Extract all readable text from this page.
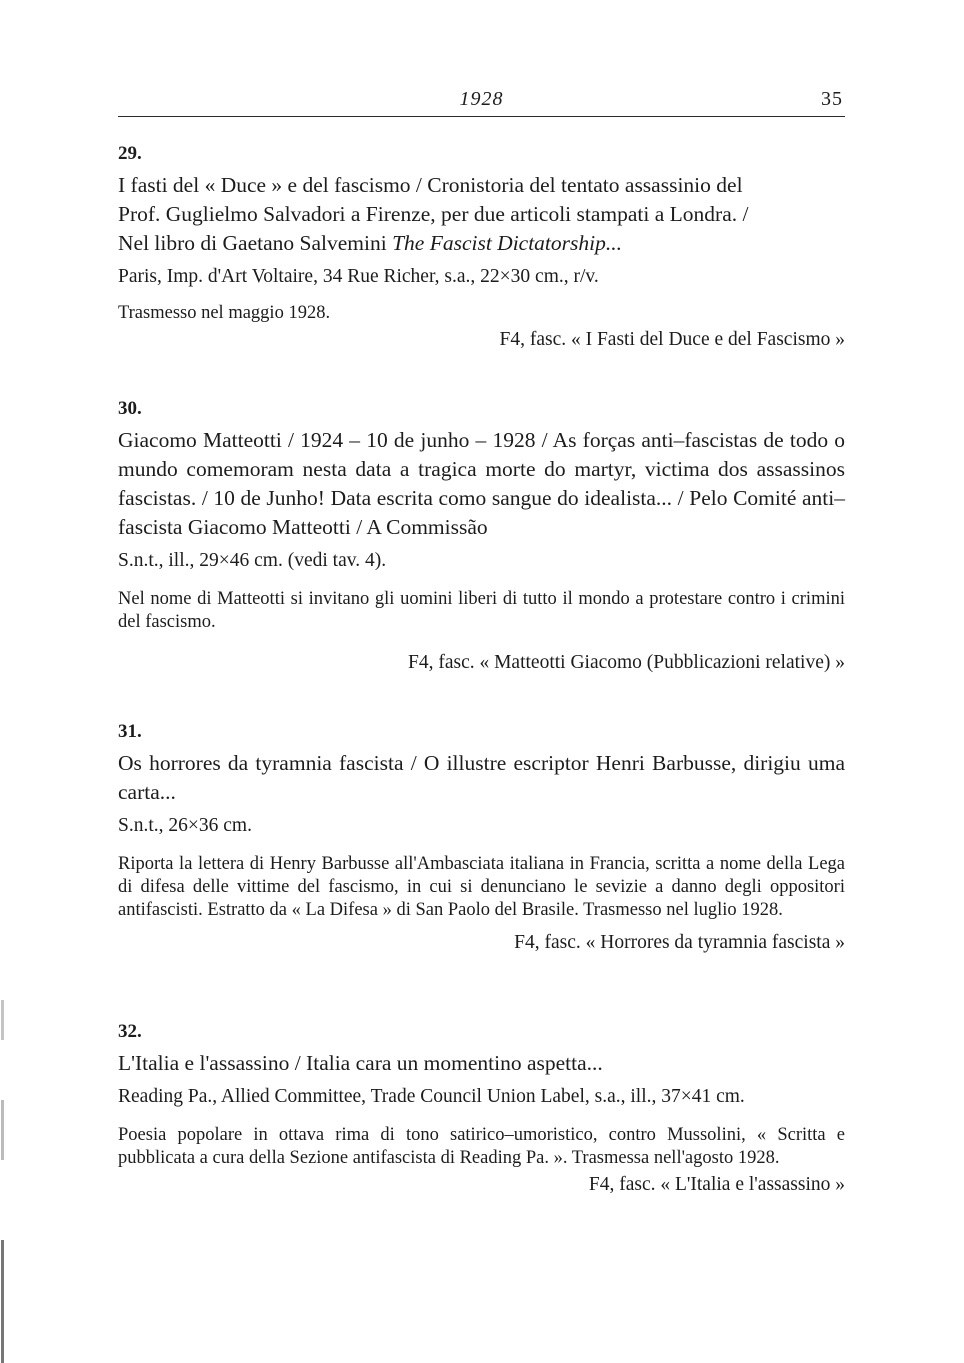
1928	35
29.
I fasti del « Duce » e del fascismo / Cronistoria del tentato assassinio del
Prof. Guglielmo Salvadori a Firenze, per due articoli stampati a Londra. /
Nel libro di Gaetano Salvemini The Fascist Dictatorship...
Paris, Imp. d'Art Voltaire, 34 Rue Richer, s.a., 22×30 cm., r/v.
Trasmesso nel maggio 1928.
F4, fasc. « I Fasti del Duce e del Fascismo »
30.
Giacomo Matteotti / 1924 – 10 de junho – 1928 / As forças anti–fascistas de todo o mundo comemoram nesta data a tragica morte do martyr, victima dos assassinos fascistas. / 10 de Junho! Data escrita como sangue do idealista... / Pelo Comité anti–fascista Giacomo Matteotti / A Commissão
S.n.t., ill., 29×46 cm. (vedi tav. 4).
Nel nome di Matteotti si invitano gli uomini liberi di tutto il mondo a protestare contro i crimini del fascismo.
F4, fasc. « Matteotti Giacomo (Pubblicazioni relative) »
31.
Os horrores da tyramnia fascista / O illustre escriptor Henri Barbusse, dirigiu uma carta...
S.n.t., 26×36 cm.
Riporta la lettera di Henry Barbusse all'Ambasciata italiana in Francia, scritta a nome della Lega di difesa delle vittime del fascismo, in cui si denunciano le sevizie a danno degli oppositori antifascisti. Estratto da « La Difesa » di San Paolo del Brasile. Trasmesso nel luglio 1928.
F4, fasc. « Horrores da tyramnia fascista »
32.
L'Italia e l'assassino / Italia cara un momentino aspetta...
Reading Pa., Allied Committee, Trade Council Union Label, s.a., ill., 37×41 cm.
Poesia popolare in ottava rima di tono satirico–umoristico, contro Mussolini, « Scritta e pubblicata a cura della Sezione antifascista di Reading Pa. ». Trasmessa nell'agosto 1928.
F4, fasc. « L'Italia e l'assassino »
